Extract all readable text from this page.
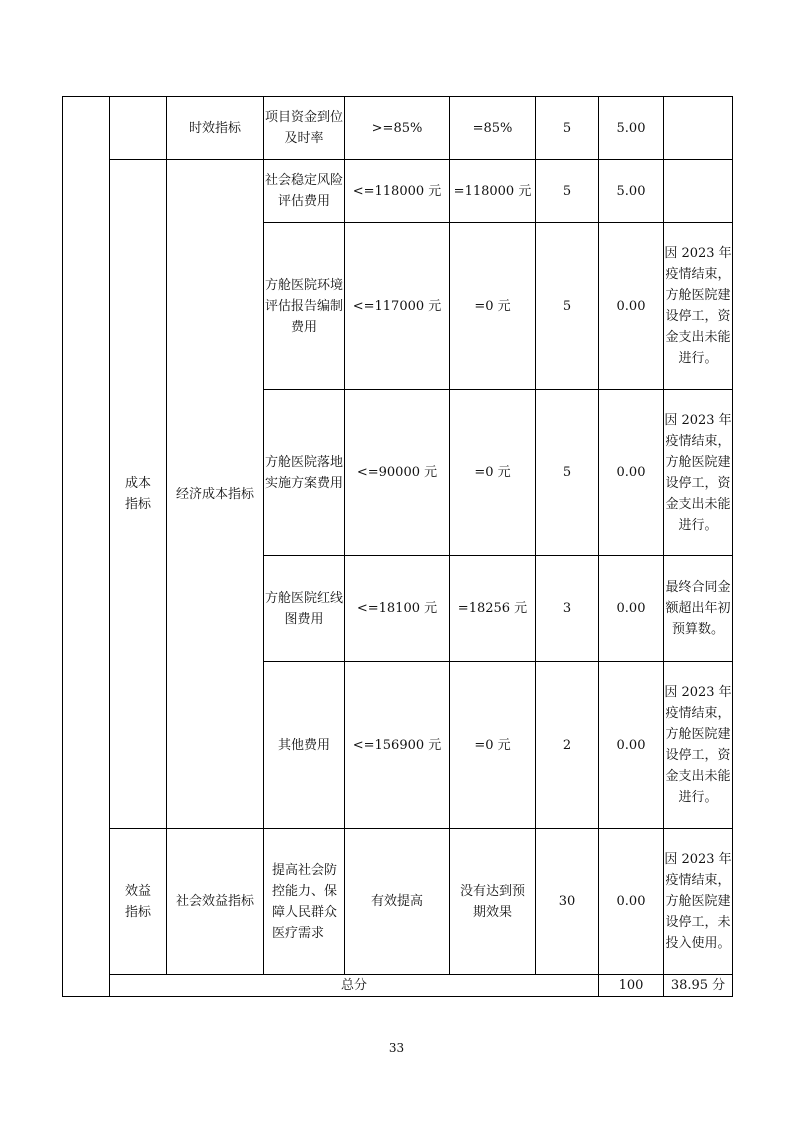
		时效指标	项目资金到位及时率	>=85%	=85%	5	5.00		
	成本指标	经济成本指标	社会稳定风险评估费用	<=118000 元	=118000 元	5	5.00		
			方舱医院环境评估报告编制费用	<=117000 元	=0 元	5	0.00	因 2023 年疫情结束，方舱医院建设停工，资金支出未能进行。	
			方舱医院落地实施方案费用	<=90000 元	=0 元	5	0.00	因 2023 年疫情结束，方舱医院建设停工，资金支出未能进行。	
			方舱医院红线图费用	<=18100 元	=18256 元	3	0.00	最终合同金额超出年初预算数。	
			其他费用	<=156900 元	=0 元	2	0.00	因 2023 年疫情结束，方舱医院建设停工，资金支出未能进行。	
	效益指标	社会效益指标	提高社会防控能力、保障人民群众医疗需求	有效提高	没有达到预期效果	30	0.00	因 2023 年疫情结束，方舱医院建设停工，未投入使用。	
	总分						100	38.95 分	
33
